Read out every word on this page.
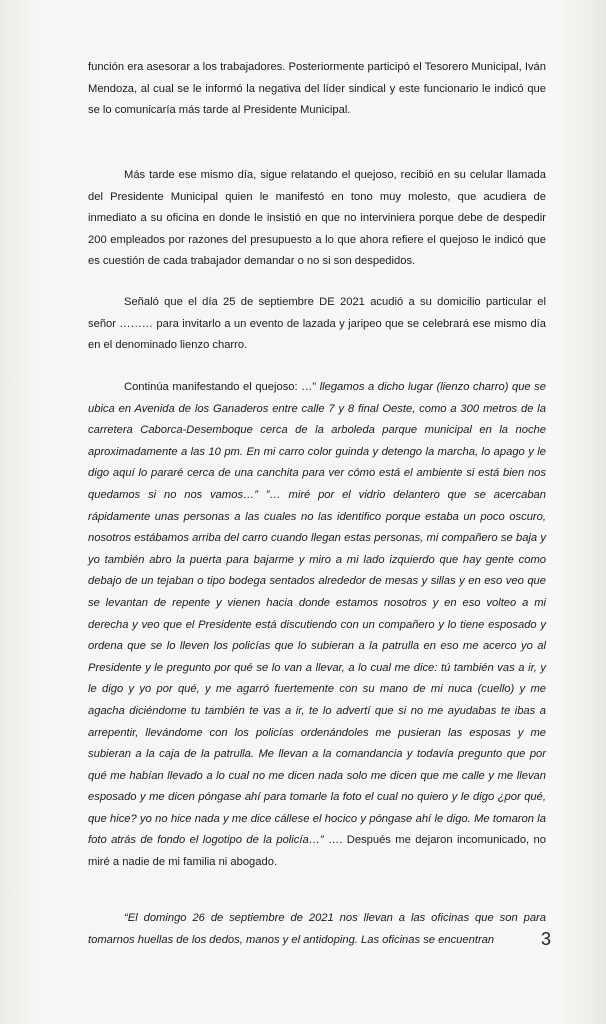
función era asesorar a los trabajadores. Posteriormente participó el Tesorero Municipal, Iván Mendoza, al cual se le informó la negativa del líder sindical y este funcionario le indicó que se lo comunicaría más tarde al Presidente Municipal.

Más tarde ese mismo día, sigue relatando el quejoso, recibió en su celular llamada del Presidente Municipal quien le manifestó en tono muy molesto, que acudiera de inmediato a su oficina en donde le insistió en que no interviniera porque debe de despedir 200 empleados por razones del presupuesto a lo que ahora refiere el quejoso le indicó que es cuestión de cada trabajador demandar o no si son despedidos.

Señaló que el día 25 de septiembre DE 2021 acudió a su domicilio particular el señor ……… para invitarlo a un evento de lazada y jaripeo que se celebrará ese mismo día en el denominado lienzo charro.

Continúa manifestando el quejoso: …” llegamos a dicho lugar (lienzo charro) que se ubica en Avenida de los Ganaderos entre calle 7 y 8 final Oeste, como a 300 metros de la carretera Caborca-Desemboque cerca de la arboleda parque municipal en la noche aproximadamente a las 10 pm. En mi carro color guinda y detengo la marcha, lo apago y le digo aquí lo pararé cerca de una canchita para ver cómo está el ambiente si está bien nos quedamos si no nos vamos…” ”… miré por el vidrio delantero que se acercaban rápidamente unas personas a las cuales no las identifico porque estaba un poco oscuro, nosotros estábamos arriba del carro cuando llegan estas personas, mi compañero se baja y yo también abro la puerta para bajarme y miro a mi lado izquierdo que hay gente como debajo de un tejaban o tipo bodega sentados alrededor de mesas y sillas y en eso veo que se levantan de repente y vienen hacia donde estamos nosotros y en eso volteo a mi derecha y veo que el Presidente está discutiendo con un compañero y lo tiene esposado y ordena que se lo lleven los policías que lo subieran a la patrulla en eso me acerco yo al Presidente y le pregunto por qué se lo van a llevar, a lo cual me dice: tú también vas a ir, y le digo y yo por qué, y me agarró fuertemente con su mano de mi nuca (cuello) y me agacha diciéndome tu también te vas a ir, te lo advertí que si no me ayudabas te ibas a arrepentir, llevándome con los policías ordenándoles me pusieran las esposas y me subieran a la caja de la patrulla. Me llevan a la comandancia y todavía pregunto que por qué me habían llevado a lo cual no me dicen nada solo me dicen que me calle y me llevan esposado y me dicen póngase ahí para tomarle la foto el cual no quiero y le digo ¿por qué, que hice? yo no hice nada y me dice cállese el hocico y póngase ahí le digo. Me tomaron la foto atrás de fondo el logotipo de la policía…” …. Después me dejaron incomunicado, no miré a nadie de mi familia ni abogado.

“El domingo 26 de septiembre de 2021 nos llevan a las oficinas que son para tomarnos huellas de los dedos, manos y el antidoping. Las oficinas se encuentran	3
